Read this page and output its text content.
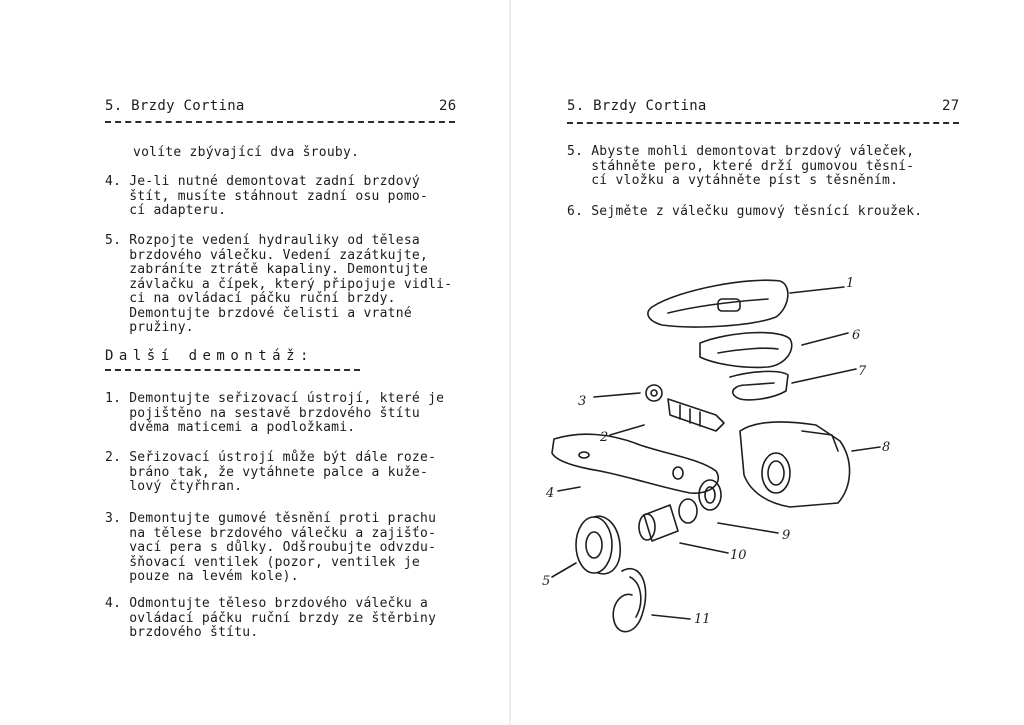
5. Brzdy Cortina	26
volíte zbývající dva šrouby.
4. Je-li nutné demontovat zadní brzdový
štít, musíte stáhnout zadní osu pomo-
cí adapteru.
5. Rozpojte vedení hydrauliky od tělesa
brzdového válečku. Vedení zazátkujte,
zabráníte ztrátě kapaliny. Demontujte
závlačku a čípek, který připojuje vidli-
ci na ovládací páčku ruční brzdy.
Demontujte brzdové čelisti a vratné
pružiny.
Další demontáž:
1. Demontujte seřizovací ústrojí, které je
pojištěno na sestavě brzdového štítu
dvěma maticemi a podložkami.
2. Seřizovací ústrojí může být dále roze-
bráno tak, že vytáhnete palce a kuže-
lový čtyřhran.
3. Demontujte gumové těsnění proti prachu
na tělese brzdového válečku a zajišťo-
vací pera s důlky. Odšroubujte odvzdu-
šňovací ventilek (pozor, ventilek je
pouze na levém kole).
4. Odmontujte těleso brzdového válečku a
ovládací páčku ruční brzdy ze štěrbiny
brzdového štítu.
5. Brzdy Cortina	27
5. Abyste mohli demontovat brzdový váleček,
stáhněte pero, které drží gumovou těsní-
cí vložku a vytáhněte píst s těsněním.
6. Sejměte z válečku gumový těsnící kroužek.
1
2
3
4
5
6
7
8
9
10
11
